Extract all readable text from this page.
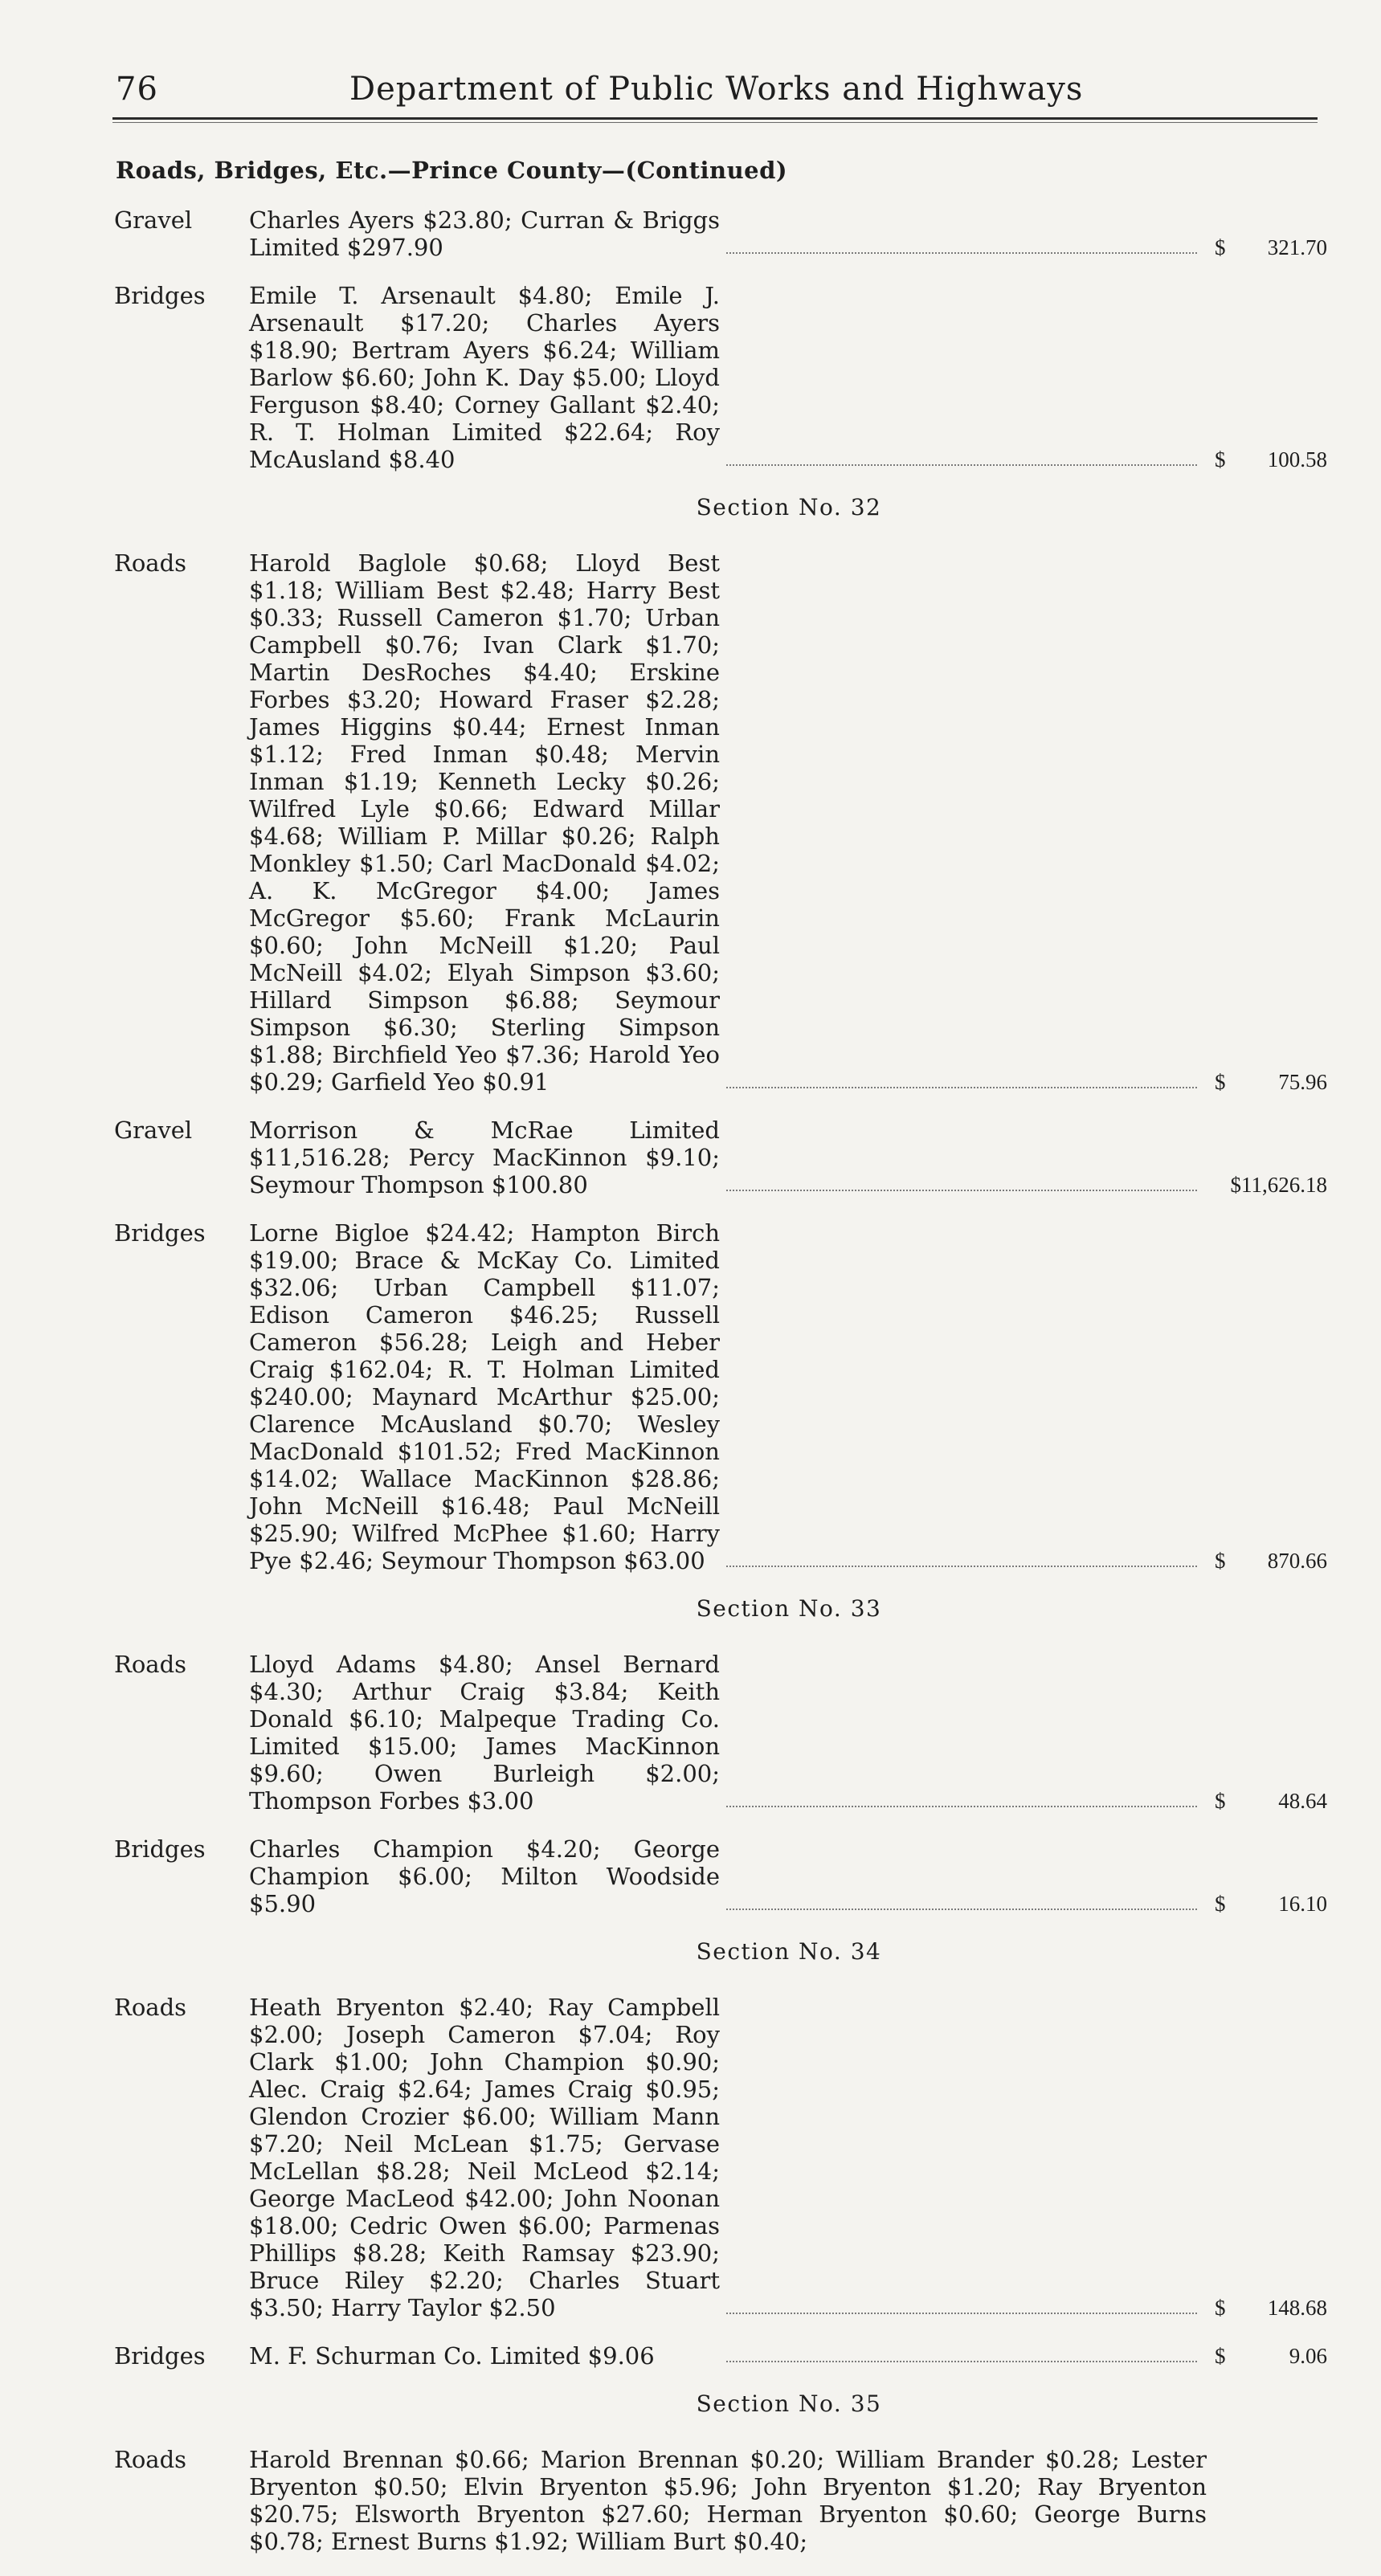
76	Department of Public Works and Highways
Roads, Bridges, Etc.—Prince County—(Continued)
Gravel	Charles Ayers $23.80; Curran & Briggs Limited $297.90	$ 321.70
Bridges	Emile T. Arsenault $4.80; Emile J. Arsenault $17.20; Charles Ayers $18.90; Bertram Ayers $6.24; William Barlow $6.60; John K. Day $5.00; Lloyd Ferguson $8.40; Corney Gallant $2.40; R. T. Holman Limited $22.64; Roy McAusland $8.40	$ 100.58
Section No. 32
Roads	Harold Baglole $0.68; Lloyd Best $1.18; William Best $2.48; Harry Best $0.33; Russell Cameron $1.70; Urban Campbell $0.76; Ivan Clark $1.70; Martin DesRoches $4.40; Erskine Forbes $3.20; Howard Fraser $2.28; James Higgins $0.44; Ernest Inman $1.12; Fred Inman $0.48; Mervin Inman $1.19; Kenneth Lecky $0.26; Wilfred Lyle $0.66; Edward Millar $4.68; William P. Millar $0.26; Ralph Monkley $1.50; Carl MacDonald $4.02; A. K. McGregor $4.00; James McGregor $5.60; Frank McLaurin $0.60; John McNeill $1.20; Paul McNeill $4.02; Elyah Simpson $3.60; Hillard Simpson $6.88; Seymour Simpson $6.30; Sterling Simpson $1.88; Birchfield Yeo $7.36; Harold Yeo $0.29; Garfield Yeo $0.91	$ 75.96
Gravel	Morrison & McRae Limited $11,516.28; Percy MacKinnon $9.10; Seymour Thompson $100.80	$11,626.18
Bridges	Lorne Bigloe $24.42; Hampton Birch $19.00; Brace & McKay Co. Limited $32.06; Urban Campbell $11.07; Edison Cameron $46.25; Russell Cameron $56.28; Leigh and Heber Craig $162.04; R. T. Holman Limited $240.00; Maynard McArthur $25.00; Clarence McAusland $0.70; Wesley MacDonald $101.52; Fred MacKinnon $14.02; Wallace MacKinnon $28.86; John McNeill $16.48; Paul McNeill $25.90; Wilfred McPhee $1.60; Harry Pye $2.46; Seymour Thompson $63.00	$ 870.66
Section No. 33
Roads	Lloyd Adams $4.80; Ansel Bernard $4.30; Arthur Craig $3.84; Keith Donald $6.10; Malpeque Trading Co. Limited $15.00; James MacKinnon $9.60; Owen Burleigh $2.00; Thompson Forbes $3.00	$ 48.64
Bridges	Charles Champion $4.20; George Champion $6.00; Milton Woodside $5.90	$ 16.10
Section No. 34
Roads	Heath Bryenton $2.40; Ray Campbell $2.00; Joseph Cameron $7.04; Roy Clark $1.00; John Champion $0.90; Alec. Craig $2.64; James Craig $0.95; Glendon Crozier $6.00; William Mann $7.20; Neil McLean $1.75; Gervase McLellan $8.28; Neil McLeod $2.14; George MacLeod $42.00; John Noonan $18.00; Cedric Owen $6.00; Parmenas Phillips $8.28; Keith Ramsay $23.90; Bruce Riley $2.20; Charles Stuart $3.50; Harry Taylor $2.50	$ 148.68
Bridges	M. F. Schurman Co. Limited $9.06	$	9.06
Section No. 35
Roads	Harold Brennan $0.66; Marion Brennan $0.20; William Brander $0.28; Lester Bryenton $0.50; Elvin Bryenton $5.96; John Bryenton $1.20; Ray Bryenton $20.75; Elsworth Bryenton $27.60; Herman Bryenton $0.60; George Burns $0.78; Ernest Burns $1.92; William Burt $0.40;
